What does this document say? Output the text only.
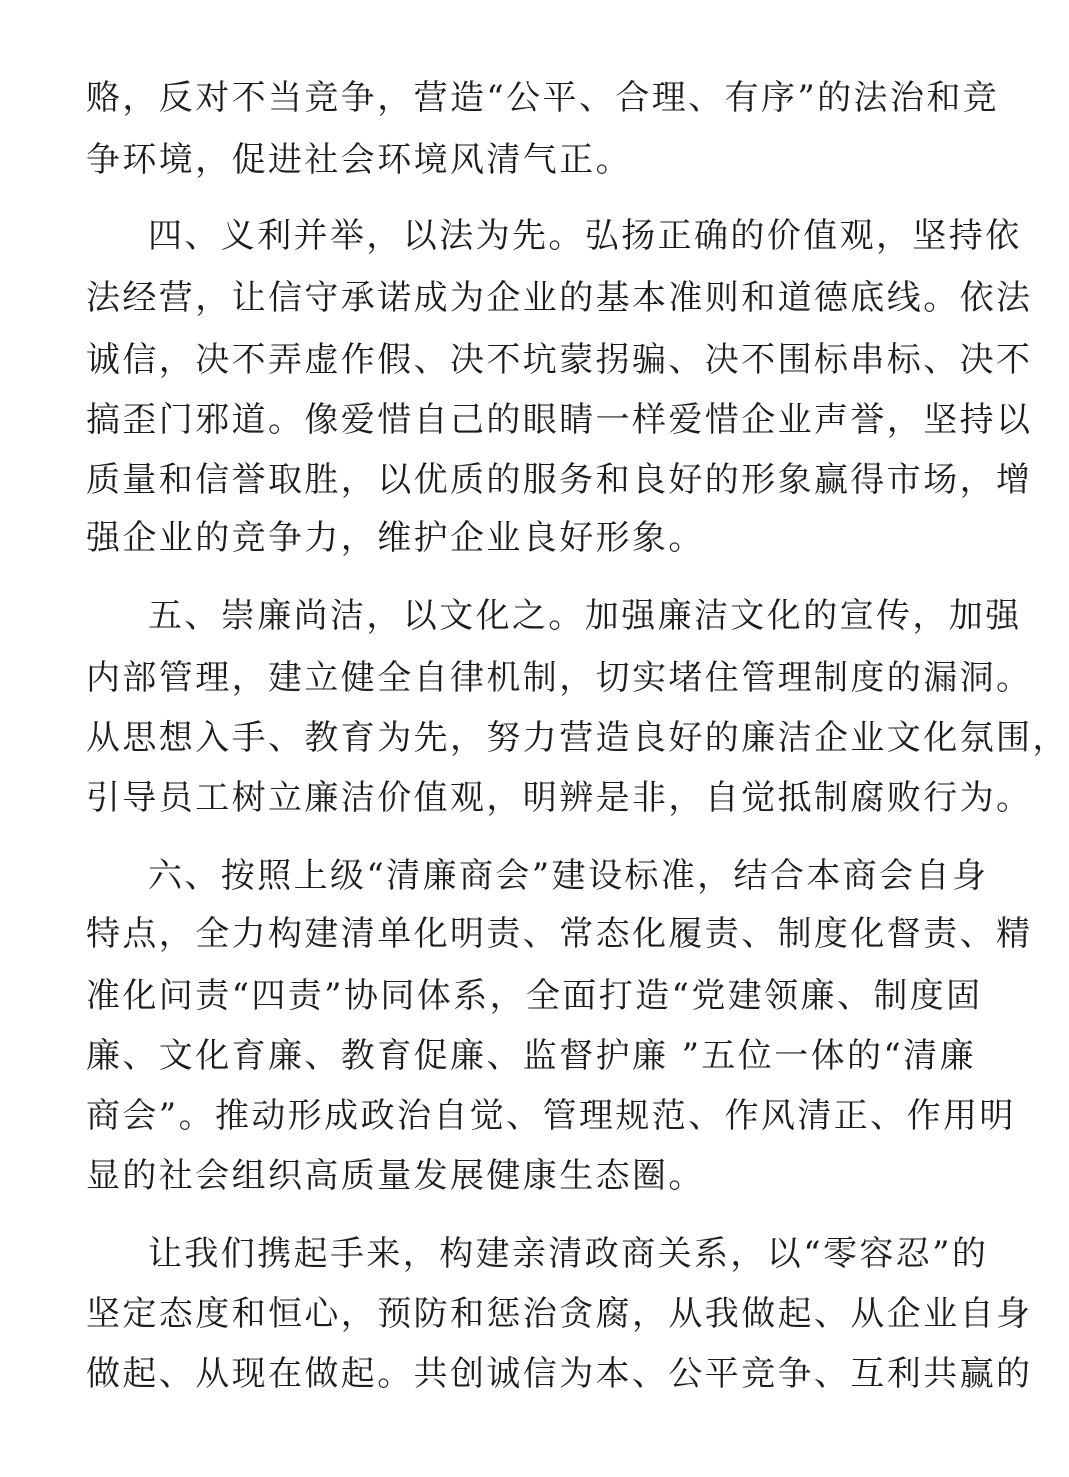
赂，反对不当竞争，营造“公平、合理、有序”的法治和竞
争环境，促进社会环境风清气正。
四、义利并举，以法为先。弘扬正确的价值观，坚持依
法经营，让信守承诺成为企业的基本准则和道德底线。依法
诚信，决不弄虚作假、决不坑蒙拐骗、决不围标串标、决不
搞歪门邪道。像爱惜自己的眼睛一样爱惜企业声誉，坚持以
质量和信誉取胜，以优质的服务和良好的形象赢得市场，增
强企业的竞争力，维护企业良好形象。
五、崇廉尚洁，以文化之。加强廉洁文化的宣传，加强
内部管理，建立健全自律机制，切实堵住管理制度的漏洞。
从思想入手、教育为先，努力营造良好的廉洁企业文化氛围，
引导员工树立廉洁价值观，明辨是非，自觉抵制腐败行为。
六、按照上级“清廉商会”建设标准，结合本商会自身
特点，全力构建清单化明责、常态化履责、制度化督责、精
准化问责“四责”协同体系，全面打造“党建领廉、制度固
廉、文化育廉、教育促廉、监督护廉 ”五位一体的“清廉
商会”。推动形成政治自觉、管理规范、作风清正、作用明
显的社会组织高质量发展健康生态圈。
让我们携起手来，构建亲清政商关系，以“零容忍”的
坚定态度和恒心，预防和惩治贪腐，从我做起、从企业自身
做起、从现在做起。共创诚信为本、公平竞争、互利共赢的
